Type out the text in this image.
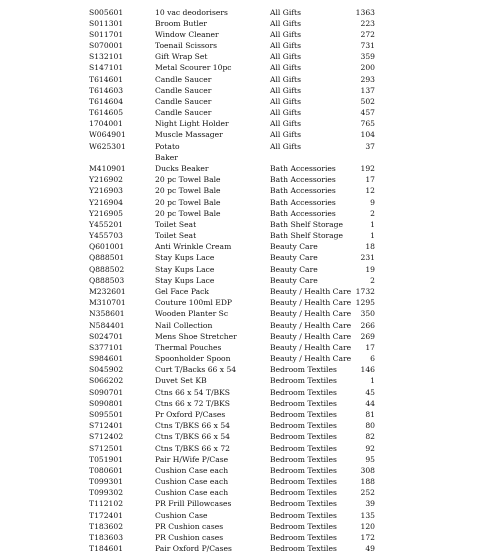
S005601	10 vac deodorisers	All Gifts	1363
S011301	Broom Butler	All Gifts	223
S011701	Window Cleaner	All Gifts	272
S070001	Toenail Scissors	All Gifts	731
S132101	Gift Wrap Set	All Gifts	359
S147101	Metal Scourer 10pc	All Gifts	200
T614601	Candle Saucer	All Gifts	293
T614603	Candle Saucer	All Gifts	137
T614604	Candle Saucer	All Gifts	502
T614605	Candle Saucer	All Gifts	457
1704001	Night Light Holder	All Gifts	765
W064901	Muscle Massager	All Gifts	104
W625301	Potato	All Gifts	37
Baker
M410901	Ducks Beaker	Bath Accessories	192
Y216902	20 pc Towel Bale	Bath Accessories	17
Y216903	20 pc Towel Bale	Bath Accessories	12
Y216904	20 pc Towel Bale	Bath Accessories	9
Y216905	20 pc Towel Bale	Bath Accessories	2
Y455201	Toilet Seat	Bath Shelf Storage	1
Y455703	Toilet Seat	Bath Shelf Storage	1
Q601001	Anti Wrinkle Cream	Beauty Care	18
Q888501	Stay Kups Lace	Beauty Care	231
Q888502	Stay Kups Lace	Beauty Care	19
Q888503	Stay Kups Lace	Beauty Care	2
M232601	Gel Face Pack	Beauty / Health Care 1732
M310701	Couture 100ml EDP	Beauty / Health Care 1295
N358601	Wooden Planter Sc	Beauty / Health Care 350
N584401	Nail Collection	Beauty / Health Care 266
S024701	Mens Shoe Stretcher	Beauty / Health Care 269
S377101	Thermal Pouches	Beauty / Health Care 17
S984601	Spoonholder Spoon	Beauty / Health Care	6
S045902	Curt T/Backs 66 x 54	Bedroom Textiles	146
S066202	Duvet Set KB	Bedroom Textiles	1
S090701	Ctns 66 x 54 T/BKS	Bedroom Textiles	45
S090801	Ctns 66 x 72 T/BKS	Bedroom Textiles	44
S095501	Pr Oxford P/Cases	Bedroom Textiles	81
S712401	Ctns T/BKS 66 x 54	Bedroom Textiles	80
S712402	Ctns T/BKS 66 x 54	Bedroom Textiles	82
S712501	Ctns T/BKS 66 x 72	Bedroom Textiles	92
T051901	Pair H/Wife P/Case	Bedroom Textiles	95
T080601	Cushion Case each	Bedroom Textiles	308
T099301	Cushion Case each	Bedroom Textiles	188
T099302	Cushion Case each	Bedroom Textiles	252
T112102	PR Frill Pillowcases	Bedroom Textiles	39
T172401	Cushion Case	Bedroom Textiles	135
T183602	PR Cushion cases	Bedroom Textiles	120
T183603	PR Cushion cases	Bedroom Textiles	172
T184601	Pair Oxford P/Cases	Bedroom Textiles	49
